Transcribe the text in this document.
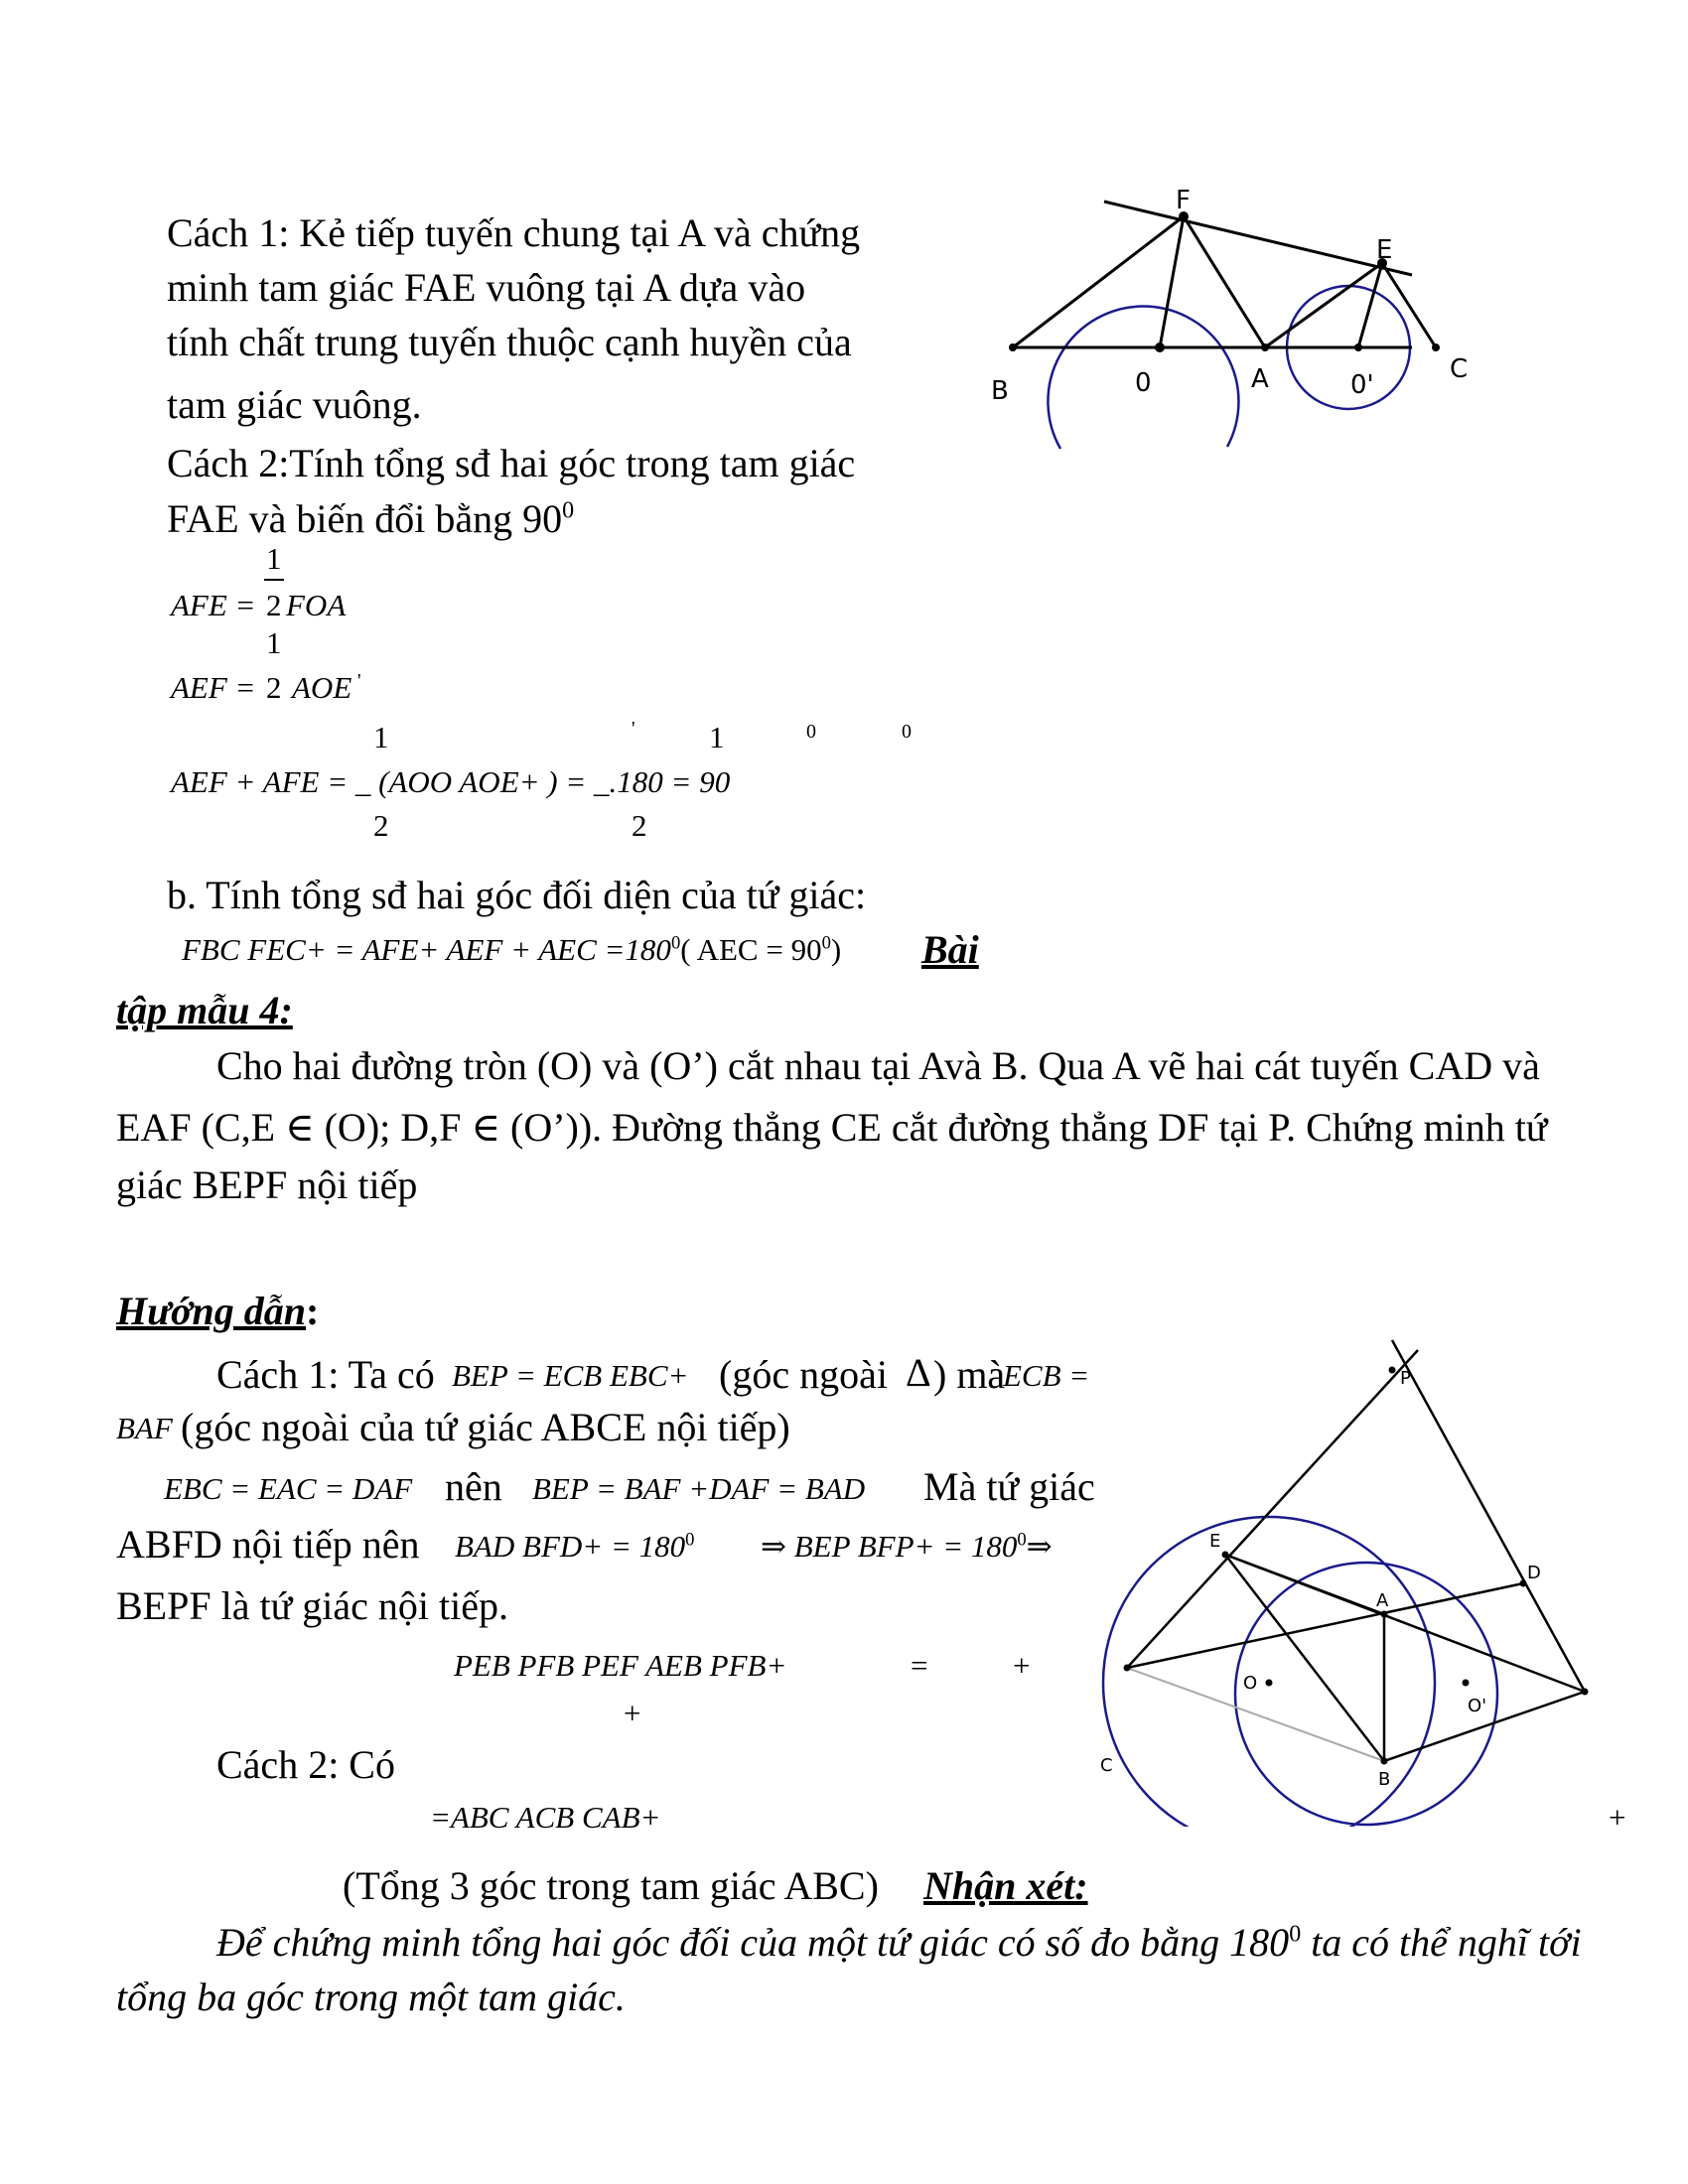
Cách 1: Kẻ tiếp tuyến chung tại A và chứng
minh tam giác FAE vuông tại A dựa vào
tính chất trung tuyến thuộc cạnh huyền của
tam giác vuông.
Cách 2:Tính tổng sđ hai góc trong tam giác
FAE và biến đổi bằng $90^0$
1
AFE = 2 FOA
1
AEF = 2 AOE '
1	' 1	0	0
AEF + AFE = _ (AOO AOE+ ) = _.180 = 90
2	2
F
E
B	0	A	0'
C
b. Tính tổng sđ hai góc đối diện của tứ giác:
FBC FEC+ = AFE+ AEF + AEC $=180^0$( AEC = $90^0$) Bài
tập mẫu 4:
Cho hai đường tròn (O) và (O’) cắt nhau tại Avà B. Qua A vẽ hai cát tuyến CAD và
EAF (C,E ∈ (O); D,F ∈ (O’)). Đường thẳng CE cắt đường thẳng DF tại P. Chứng minh tứ
giác BEPF nội tiếp
Hướng dẫn:
Cách 1: Ta có BEP = ECB EBC+ (góc ngoài Δ ) mà
ECB =
BAF (góc ngoài của tứ giác ABCE nội tiếp)
EBC = EAC = DAF nên BEP = BAF +DAF = BAD Mà tứ giác
ABFD nội tiếp nên BAD $BFD+ = 180^0$ ⇒ BEP $BFP+ = 180^0\Rightarrow$
BEPF là tứ giác nội tiếp.
PEB PFB PEF AEB PFB+	=	+
+
Cách 2: Có
=ABC ACB CAB+	+
(Tổng 3 góc trong tam giác ABC) Nhận xét:
Để chứng minh tổng hai góc đối của một tứ giác có số đo bằng $180^0$ ta có thể nghĩ tới
tổng ba góc trong một tam giác.
P
E
D
A
O
O'
C
B
